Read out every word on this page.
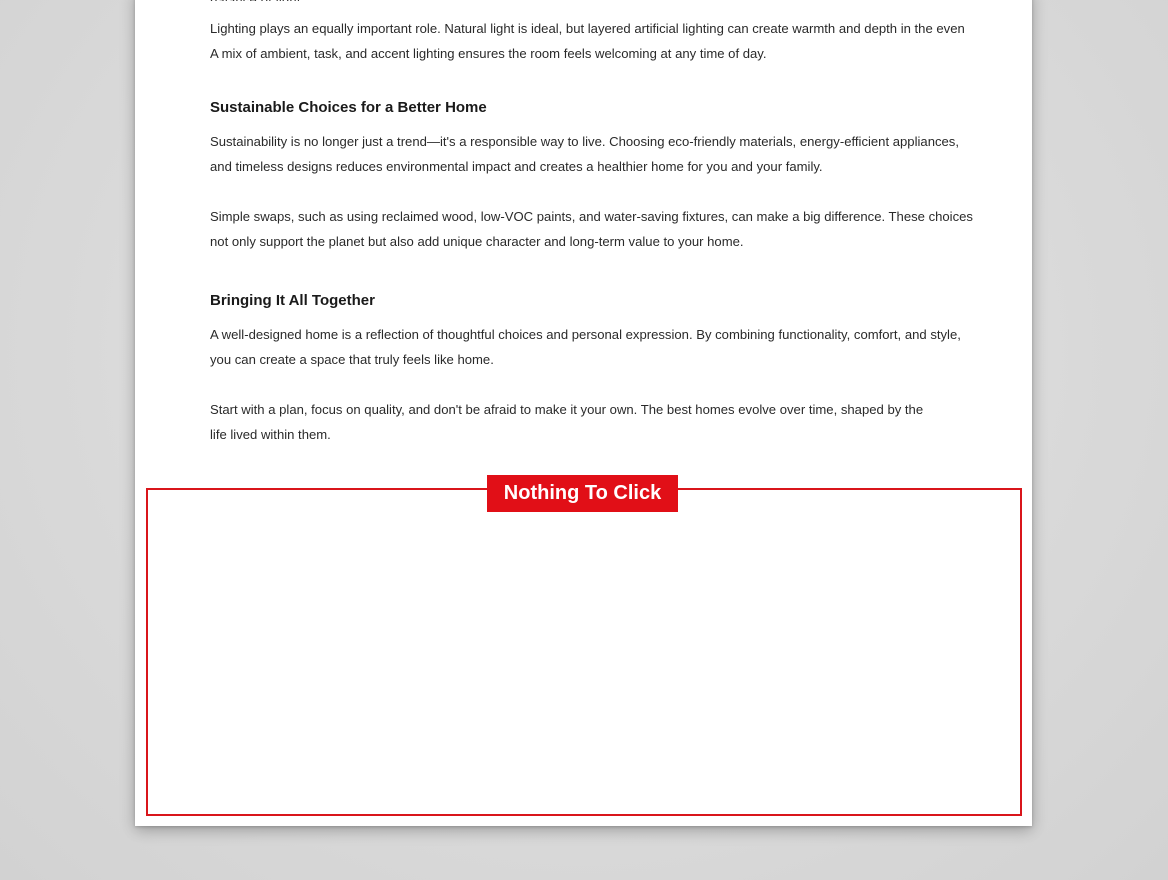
Lighting plays an equally important role. Natural light is ideal, but layered artificial lighting can create warmth and depth in the even
A mix of ambient, task, and accent lighting ensures the room feels welcoming at any time of day.

Sustainable Choices for a Better Home

Sustainability is no longer just a trend—it's a responsible way to live. Choosing eco-friendly materials, energy-efficient appliances,
and timeless designs reduces environmental impact and creates a healthier home for you and your family.

Simple swaps, such as using reclaimed wood, low-VOC paints, and water-saving fixtures, can make a big difference. These choices
not only support the planet but also add unique character and long-term value to your home.

Bringing It All Together

A well-designed home is a reflection of thoughtful choices and personal expression. By combining functionality, comfort, and style,
you can create a space that truly feels like home.

Start with a plan, focus on quality, and don't be afraid to make it your own. The best homes evolve over time, shaped by the
life lived within them.

Nothing To Click
